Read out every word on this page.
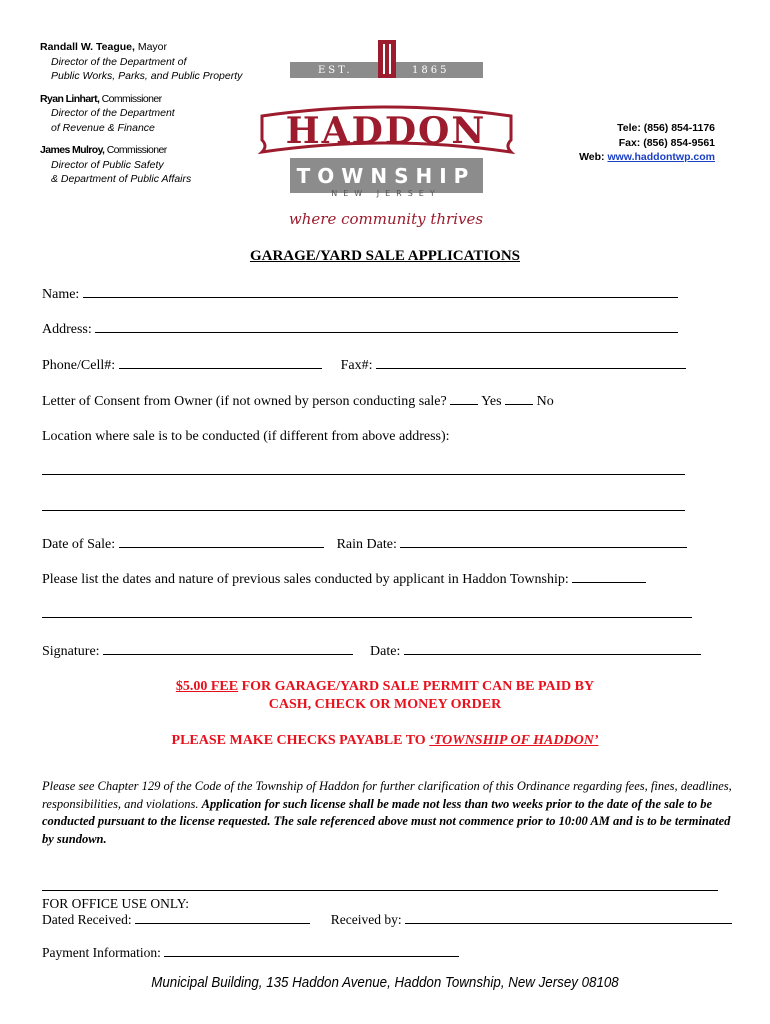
Randall W. Teague, Mayor
Director of the Department of
Public Works, Parks, and Public Property
Ryan Linhart, Commissioner
Director of the Department
of Revenue & Finance
James Mulroy, Commissioner
Director of Public Safety
& Department of Public Affairs
EST.	1865
HADDON
TOWNSHIP
NEW JERSEY
where community thrives
Tele: (856) 854-1176
Fax: (856) 854-9561
Web: www.haddontwp.com
GARAGE/YARD SALE APPLICATIONS
Name:
Address:
Phone/Cell#:	Fax#:
Letter of Consent from Owner (if not owned by person conducting sale? Yes	No
Location where sale is to be conducted (if different from above address):
Date of Sale:	Rain Date:
Please list the dates and nature of previous sales conducted by applicant in Haddon Township:
Signature:	Date:
$5.00 FEE FOR GARAGE/YARD SALE PERMIT CAN BE PAID BY
CASH, CHECK OR MONEY ORDER
PLEASE MAKE CHECKS PAYABLE TO ‘TOWNSHIP OF HADDON’
Please see Chapter 129 of the Code of the Township of Haddon for further clarification of this Ordinance regarding fees, fines, deadlines, responsibilities, and violations. Application for such license shall be made not less than two weeks prior to the date of the sale to be conducted pursuant to the license requested. The sale referenced above must not commence prior to 10:00 AM and is to be terminated by sundown.
FOR OFFICE USE ONLY:
Dated Received:	Received by:
Payment Information:
Municipal Building, 135 Haddon Avenue, Haddon Township, New Jersey 08108
